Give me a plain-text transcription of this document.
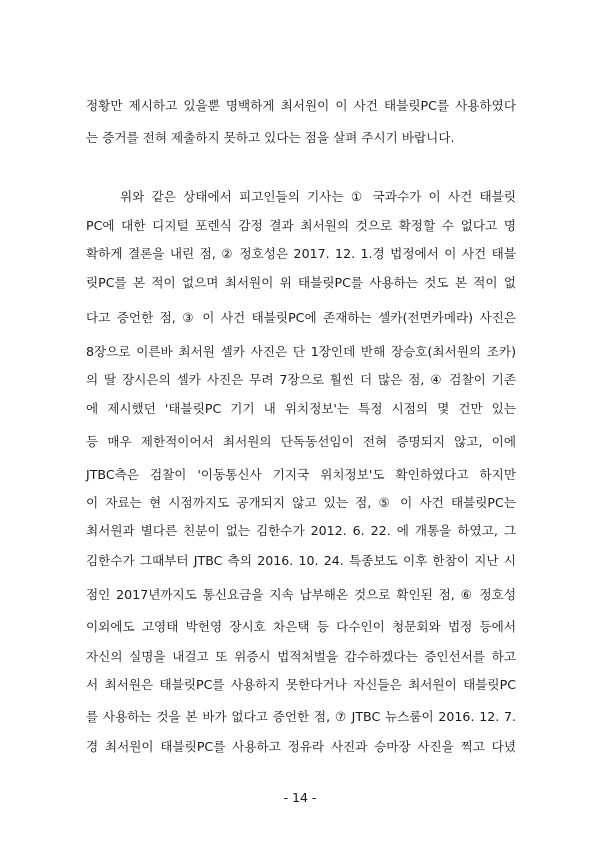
정황만 제시하고 있을뿐 명백하게 최서원이 이 사건 태블릿PC를 사용하였다
는 증거를 전혀 제출하지 못하고 있다는 점을 살펴 주시기 바랍니다.
위와 같은 상태에서 피고인들의 기사는 ① 국과수가 이 사건 태블릿
PC에 대한 디지털 포렌식 감정 결과 최서원의 것으로 확정할 수 없다고 명
확하게 결론을 내린 점, ② 정호성은 2017. 12. 1.경 법정에서 이 사건 태블
릿PC를 본 적이 없으며 최서원이 위 태블릿PC를 사용하는 것도 본 적이 없
다고 증언한 점, ③ 이 사건 태블릿PC에 존재하는 셀카(전면카메라) 사진은
8장으로 이른바 최서원 셀카 사진은 단 1장인데 반해 장승호(최서원의 조카)
의 딸 장시은의 셀카 사진은 무려 7장으로 훨씬 더 많은 점, ④ 검찰이 기존
에 제시했던 '태블릿PC 기기 내 위치정보'는 특정 시점의 몇 건만 있는
등 매우 제한적이어서 최서원의 단독동선임이 전혀 증명되지 않고, 이에
JTBC측은 검찰이 '이동통신사 기지국 위치정보'도 확인하였다고 하지만
이 자료는 현 시점까지도 공개되지 않고 있는 점, ⑤ 이 사건 태블릿PC는
최서원과 별다른 친분이 없는 김한수가 2012. 6. 22. 에 개통을 하였고, 그
김한수가 그때부터 JTBC 측의 2016. 10. 24. 특종보도 이후 한참이 지난 시
점인 2017년까지도 통신요금을 지속 납부해온 것으로 확인된 점, ⑥ 정호성
이외에도 고영태 박헌영 장시호 차은택 등 다수인이 청문회와 법정 등에서
자신의 실명을 내걸고 또 위증시 법적처벌을 감수하겠다는 증인선서를 하고
서 최서원은 태블릿PC를 사용하지 못한다거나 자신들은 최서원이 태블릿PC
를 사용하는 것을 본 바가 없다고 증언한 점, ⑦ JTBC 뉴스룸이 2016. 12. 7.
경 최서원이 태블릿PC를 사용하고 정유라 사진과 승마장 사진을 찍고 다녔
- 14 -
